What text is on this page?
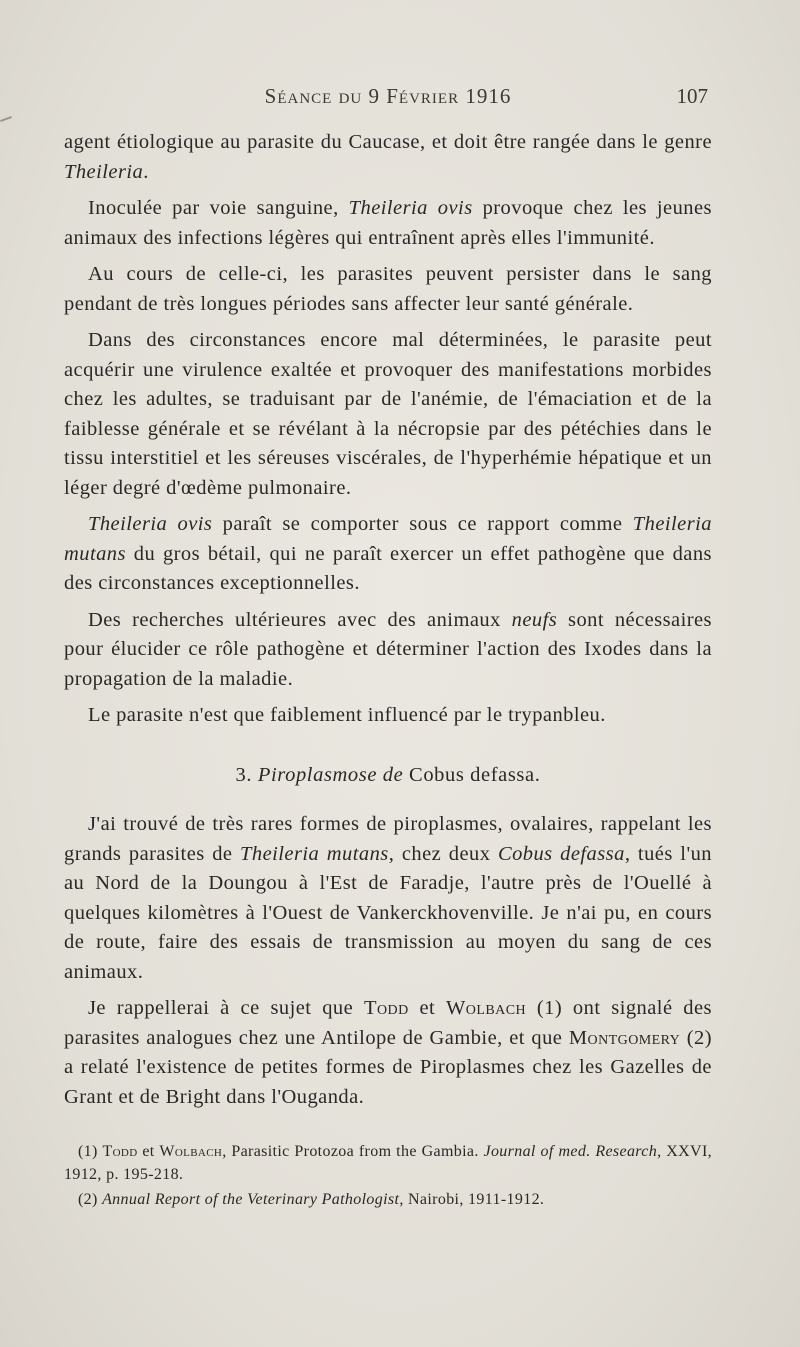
Séance du 9 Février 1916	107

agent étiologique au parasite du Caucase, et doit être rangée dans le genre Theileria.

Inoculée par voie sanguine, Theileria ovis provoque chez les jeunes animaux des infections légères qui entraînent après elles l'immunité.

Au cours de celle-ci, les parasites peuvent persister dans le sang pendant de très longues périodes sans affecter leur santé générale.

Dans des circonstances encore mal déterminées, le parasite peut acquérir une virulence exaltée et provoquer des manifestations morbides chez les adultes, se traduisant par de l'anémie, de l'émaciation et de la faiblesse générale et se révélant à la nécropsie par des pétéchies dans le tissu interstitiel et les séreuses viscérales, de l'hyperhémie hépatique et un léger degré d'œdème pulmonaire.

Theileria ovis paraît se comporter sous ce rapport comme Theileria mutans du gros bétail, qui ne paraît exercer un effet pathogène que dans des circonstances exceptionnelles.

Des recherches ultérieures avec des animaux neufs sont nécessaires pour élucider ce rôle pathogène et déterminer l'action des Ixodes dans la propagation de la maladie.

Le parasite n'est que faiblement influencé par le trypanbleu.

3. Piroplasmose de Cobus defassa.

J'ai trouvé de très rares formes de piroplasmes, ovalaires, rappelant les grands parasites de Theileria mutans, chez deux Cobus defassa, tués l'un au Nord de la Doungou à l'Est de Faradje, l'autre près de l'Ouellé à quelques kilomètres à l'Ouest de Vankerckhovenville. Je n'ai pu, en cours de route, faire des essais de transmission au moyen du sang de ces animaux.

Je rappellerai à ce sujet que Todd et Wolbach (1) ont signalé des parasites analogues chez une Antilope de Gambie, et que Montgomery (2) a relaté l'existence de petites formes de Piroplasmes chez les Gazelles de Grant et de Bright dans l'Ouganda.

(1) Todd et Wolbach, Parasitic Protozoa from the Gambia. Journal of med. Research, XXVI, 1912, p. 195-218.

(2) Annual Report of the Veterinary Pathologist, Nairobi, 1911-1912.
